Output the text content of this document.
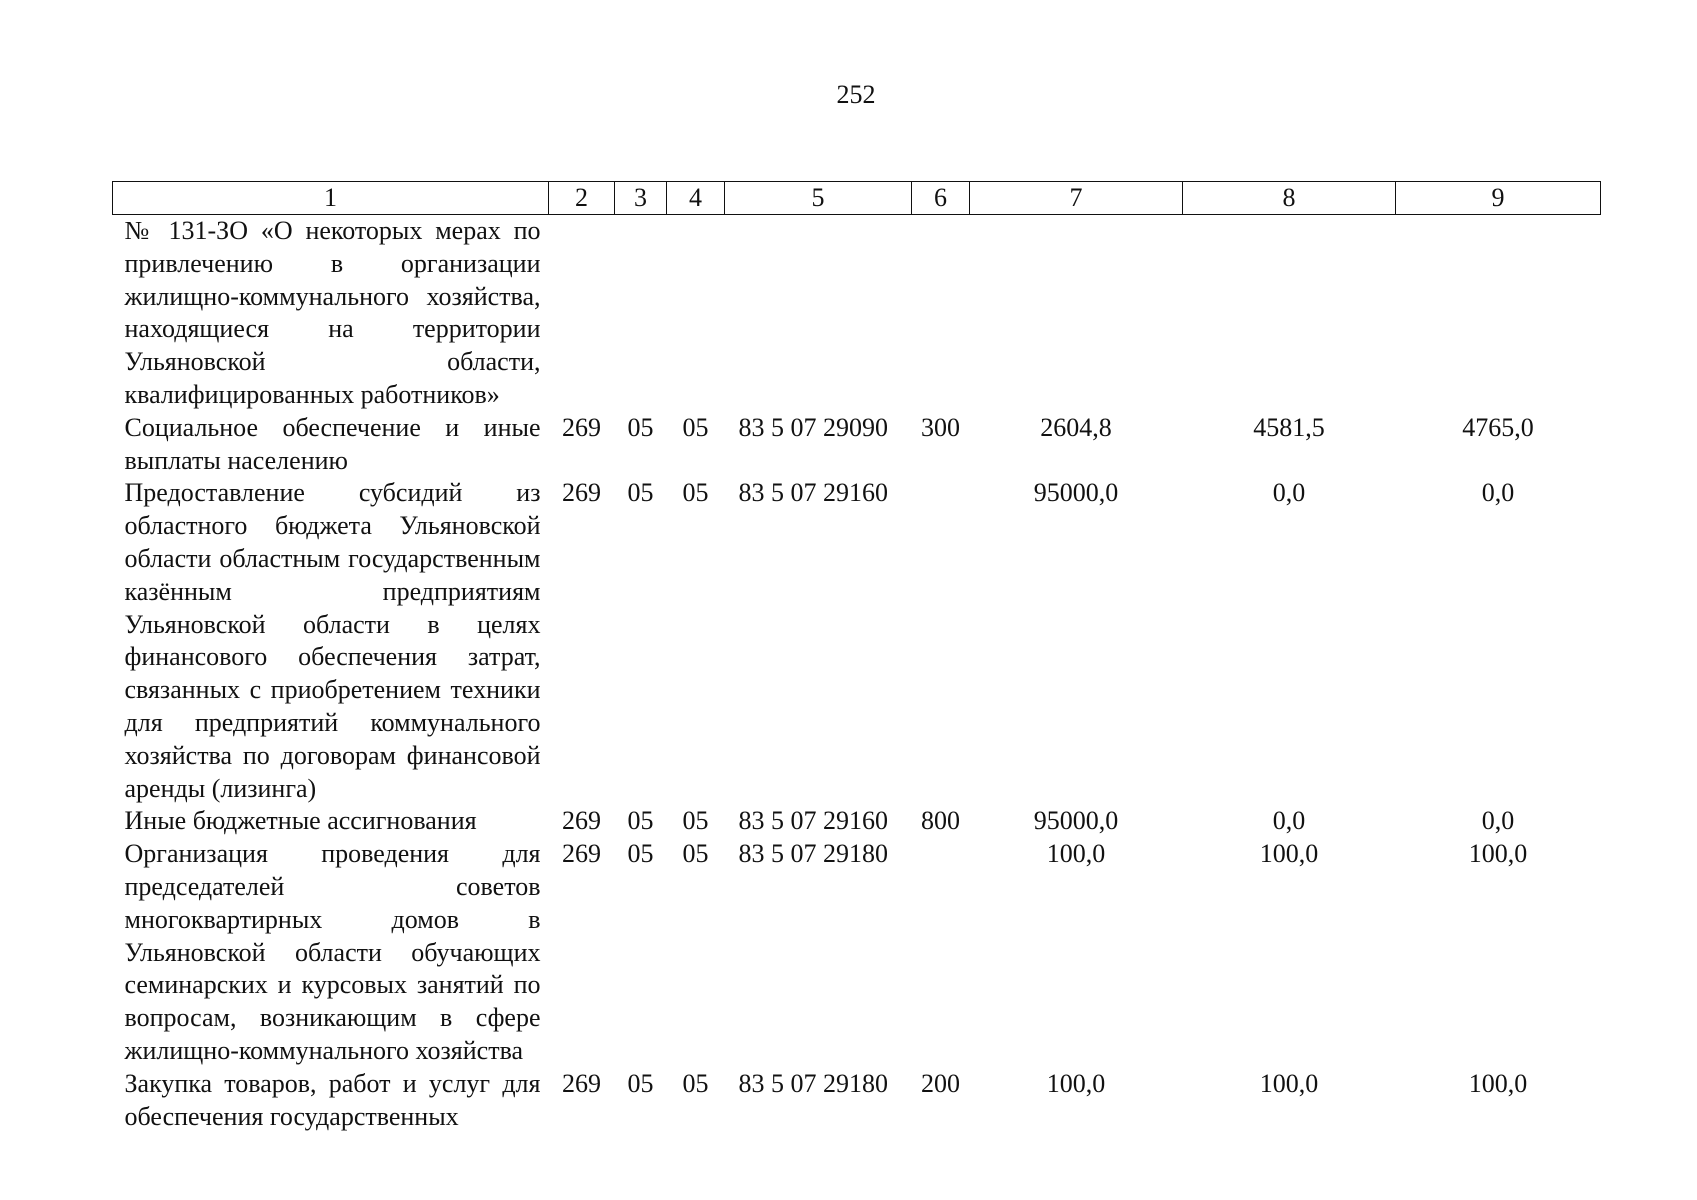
252
1	2	3	4	5	6	7	8	9
№ 131-ЗО «О некоторых мерах по привлечению в организации жилищно-коммунального хозяйства, находящиеся на территории Ульяновской области, квалифицированных работников»								
Социальное обеспечение и иные выплаты населению	269	05	05	83 5 07 29090	300	2604,8	4581,5	4765,0
Предоставление субсидий из областного бюджета Ульяновской области областным государственным казённым предприятиям Ульяновской области в целях финансового обеспечения затрат, связанных с приобретением техники для предприятий коммунального хозяйства по договорам финансовой аренды (лизинга)	269	05	05	83 5 07 29160		95000,0	0,0	0,0
Иные бюджетные ассигнования	269	05	05	83 5 07 29160	800	95000,0	0,0	0,0
Организация проведения для председателей советов многоквартирных домов в Ульяновской области обучающих семинарских и курсовых занятий по вопросам, возникающим в сфере жилищно-коммунального хозяйства	269	05	05	83 5 07 29180		100,0	100,0	100,0
Закупка товаров, работ и услуг для обеспечения государственных	269	05	05	83 5 07 29180	200	100,0	100,0	100,0
